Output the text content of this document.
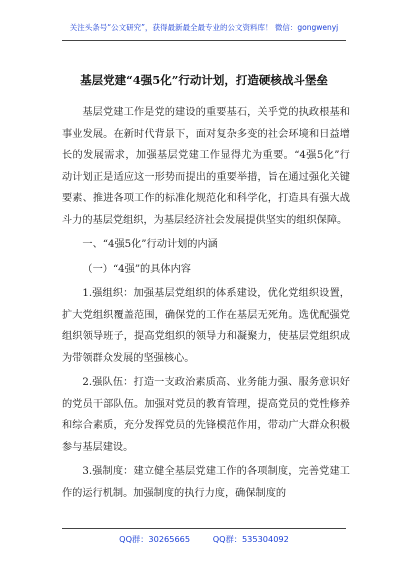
关注头条号“公文研究”，获得最新最全最专业的公文资料库！ 微信：gongwenyj
基层党建“4强5化”行动计划，打造硬核战斗堡垒

基层党建工作是党的建设的重要基石，关乎党的执政根基和事业发展。在新时代背景下，面对复杂多变的社会环境和日益增长的发展需求，加强基层党建工作显得尤为重要。“4强5化”行动计划正是适应这一形势而提出的重要举措，旨在通过强化关键要素、推进各项工作的标准化规范化和科学化，打造具有强大战斗力的基层党组织，为基层经济社会发展提供坚实的组织保障。

一、“4强5化”行动计划的内涵

（一）“4强”的具体内容

1.强组织：加强基层党组织的体系建设，优化党组织设置，扩大党组织覆盖范围，确保党的工作在基层无死角。选优配强党组织领导班子，提高党组织的领导力和凝聚力，使基层党组织成为带领群众发展的坚强核心。

2.强队伍：打造一支政治素质高、业务能力强、服务意识好的党员干部队伍。加强对党员的教育管理，提高党员的党性修养和综合素质，充分发挥党员的先锋模范作用，带动广大群众积极参与基层建设。

3.强制度：建立健全基层党建工作的各项制度，完善党建工作的运行机制。加强制度的执行力度，确保制度的

QQ群：30265665	QQ群：535304092
